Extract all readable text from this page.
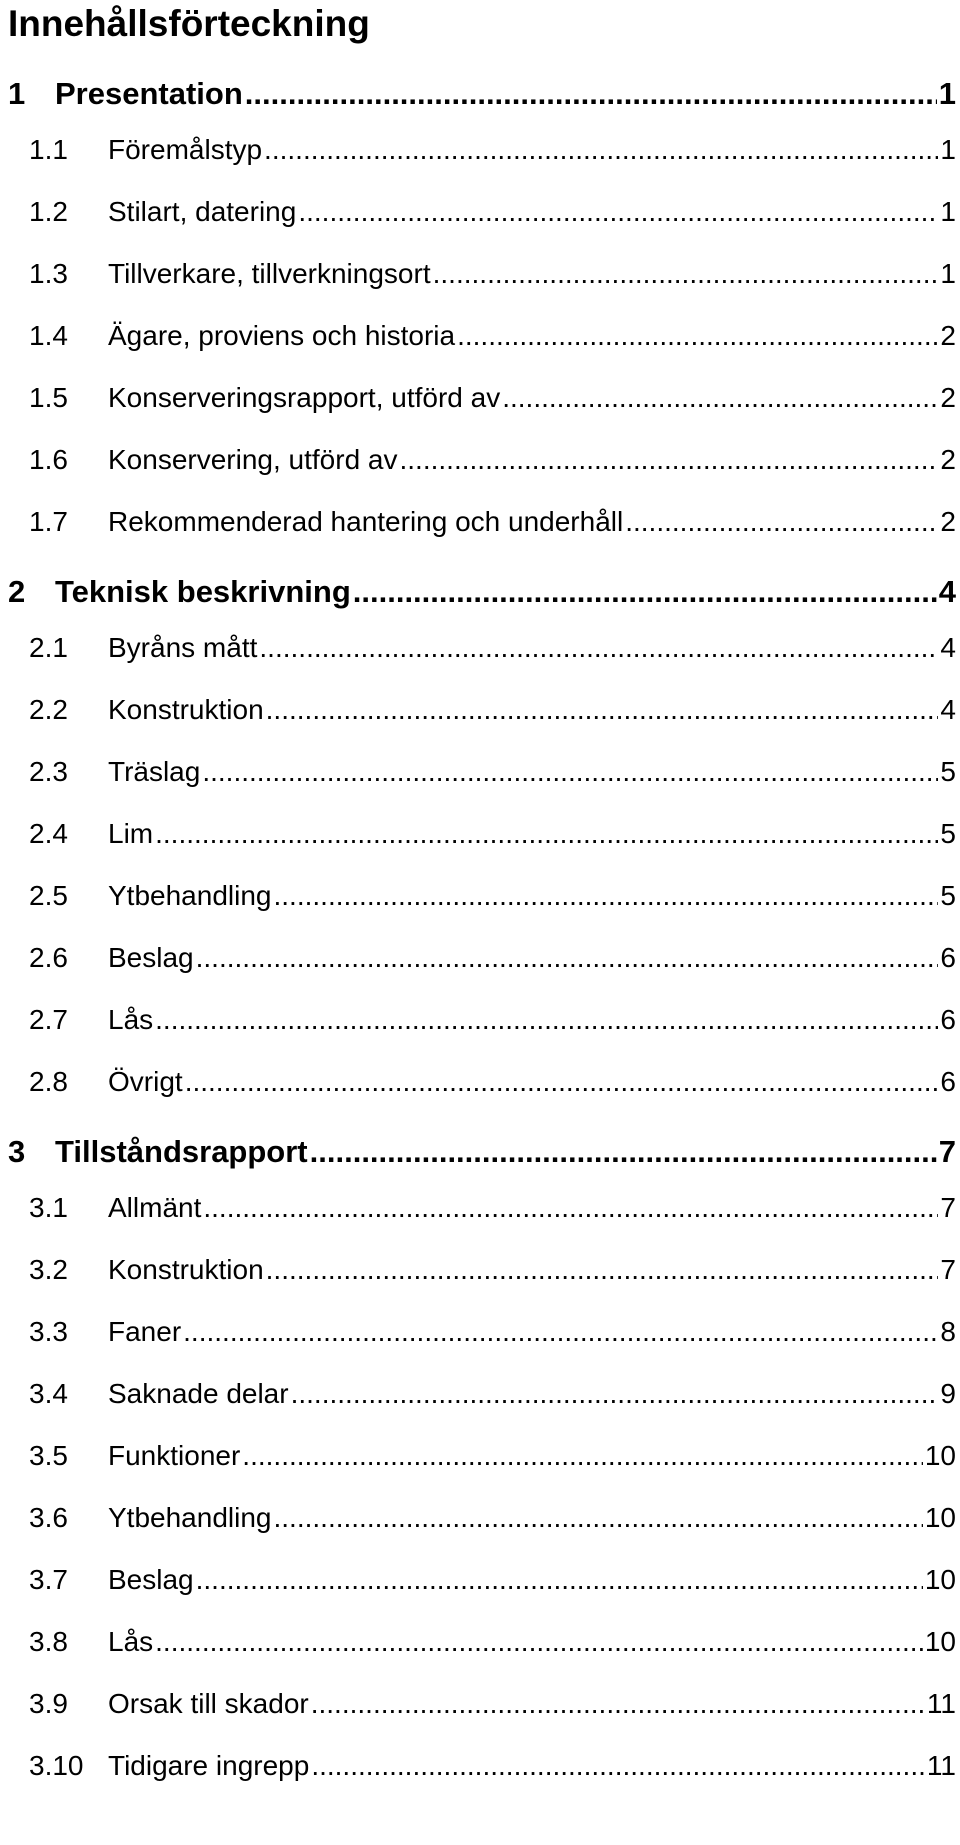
Innehållsförteckning
1 Presentation .....	1
1.1 Föremålstyp .....	1
1.2 Stilart, datering .....	1
1.3 Tillverkare, tillverkningsort .....	1
1.4 Ägare, proviens och historia .....	2
1.5 Konserveringsrapport, utförd av .....	2
1.6 Konservering, utförd av .....	2
1.7 Rekommenderad hantering och underhåll .....	2
2 Teknisk beskrivning .....	4
2.1 Byråns mått .....	4
2.2 Konstruktion .....	4
2.3 Träslag .....	5
2.4 Lim .....	5
2.5 Ytbehandling .....	5
2.6 Beslag .....	6
2.7 Lås .....	6
2.8 Övrigt .....	6
3 Tillståndsrapport .....	7
3.1 Allmänt .....	7
3.2 Konstruktion .....	7
3.3 Faner .....	8
3.4 Saknade delar .....	9
3.5 Funktioner .....	10
3.6 Ytbehandling .....	10
3.7 Beslag .....	10
3.8 Lås .....	10
3.9 Orsak till skador .....	11
3.10 Tidigare ingrepp .....	11
